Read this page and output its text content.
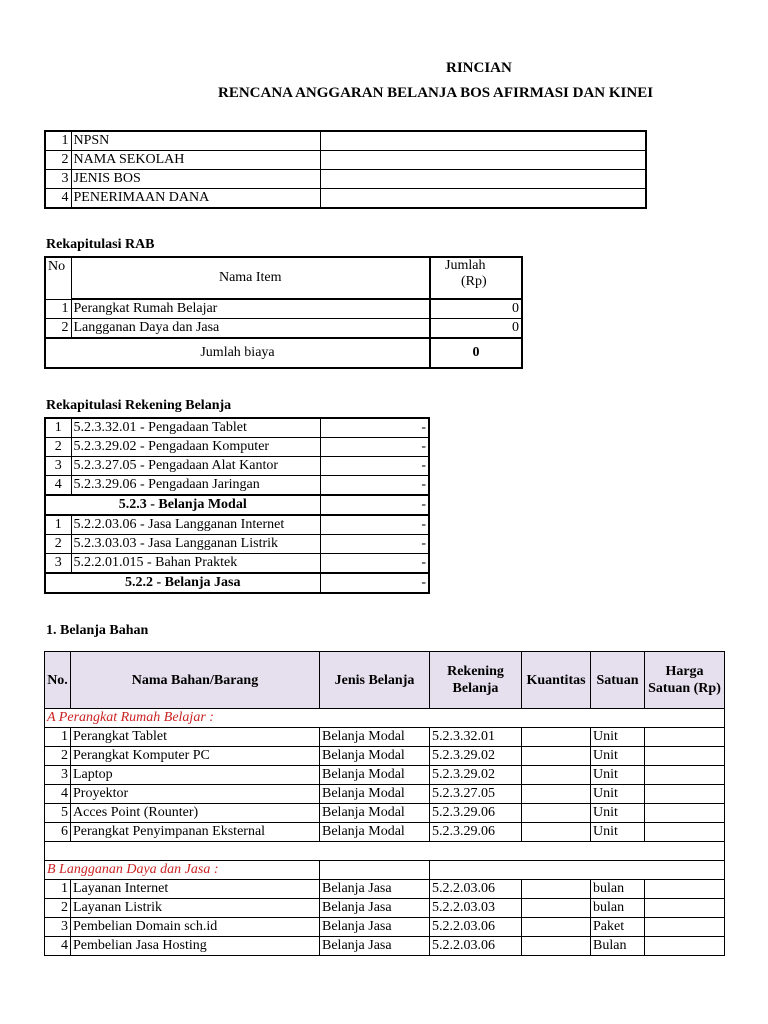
RINCIAN
RENCANA ANGGARAN BELANJA BOS AFIRMASI DAN KINEI
1	NPSN	
2	NAMA SEKOLAH	
3	JENIS BOS	
4	PENERIMAAN DANA	
Rekapitulasi RAB
No	Nama Item	Jumlah
(Rp)

1	Perangkat Rumah Belajar	0
2	Langganan Daya dan Jasa	0
Jumlah biaya		0
Rekapitulasi Rekening Belanja
1	5.2.3.32.01 - Pengadaan Tablet	-
2	5.2.3.29.02 - Pengadaan Komputer	-
3	5.2.3.27.05 - Pengadaan Alat Kantor	-
4	5.2.3.29.06 - Pengadaan Jaringan	-
5.2.3 - Belanja Modal		-
1	5.2.2.03.06 - Jasa Langganan Internet	-
2	5.2.3.03.03 - Jasa Langganan Listrik	-
3	5.2.2.01.015 - Bahan Praktek	-
5.2.2 - Belanja Jasa		-
1. Belanja Bahan
No.	Nama Bahan/Barang	Jenis Belanja	Rekening Belanja	Kuantitas	Satuan	Harga Satuan (Rp)
A Perangkat Rumah Belajar :						
1	Perangkat Tablet	Belanja Modal	5.2.3.32.01		Unit	
2	Perangkat Komputer PC	Belanja Modal	5.2.3.29.02		Unit	
3	Laptop	Belanja Modal	5.2.3.29.02		Unit	
4	Proyektor	Belanja Modal	5.2.3.27.05		Unit	
5	Acces Point (Rounter)	Belanja Modal	5.2.3.29.06		Unit	
6	Perangkat Penyimpanan Eksternal	Belanja Modal	5.2.3.29.06		Unit	

B Langganan Daya dan Jasa :						
1	Layanan Internet	Belanja Jasa	5.2.2.03.06		bulan	
2	Layanan Listrik	Belanja Jasa	5.2.2.03.03		bulan	
3	Pembelian Domain sch.id	Belanja Jasa	5.2.2.03.06		Paket	
4	Pembelian Jasa Hosting	Belanja Jasa	5.2.2.03.06		Bulan	
